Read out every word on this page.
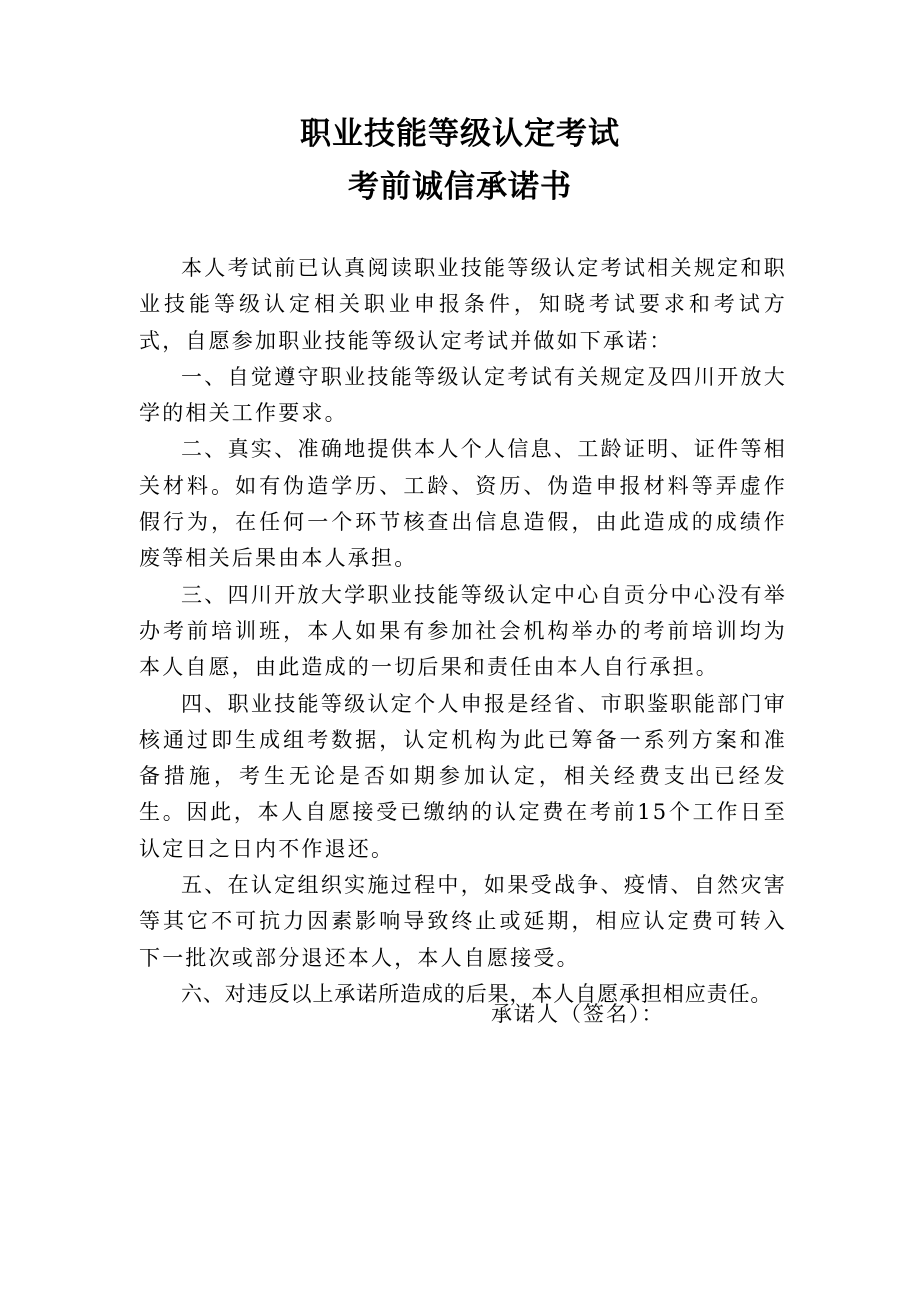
职业技能等级认定考试
考前诚信承诺书

本人考试前已认真阅读职业技能等级认定考试相关规定和职业技能等级认定相关职业申报条件，知晓考试要求和考试方式，自愿参加职业技能等级认定考试并做如下承诺：

一、自觉遵守职业技能等级认定考试有关规定及四川开放大学的相关工作要求。

二、真实、准确地提供本人个人信息、工龄证明、证件等相关材料。如有伪造学历、工龄、资历、伪造申报材料等弄虚作假行为，在任何一个环节核查出信息造假，由此造成的成绩作废等相关后果由本人承担。

三、四川开放大学职业技能等级认定中心自贡分中心没有举办考前培训班，本人如果有参加社会机构举办的考前培训均为本人自愿，由此造成的一切后果和责任由本人自行承担。

四、职业技能等级认定个人申报是经省、市职鉴职能部门审核通过即生成组考数据，认定机构为此已筹备一系列方案和准备措施，考生无论是否如期参加认定，相关经费支出已经发生。因此，本人自愿接受已缴纳的认定费在考前15个工作日至认定日之日内不作退还。

五、在认定组织实施过程中，如果受战争、疫情、自然灾害等其它不可抗力因素影响导致终止或延期，相应认定费可转入下一批次或部分退还本人，本人自愿接受。

六、对违反以上承诺所造成的后果，本人自愿承担相应责任。

承诺人（签名）：
